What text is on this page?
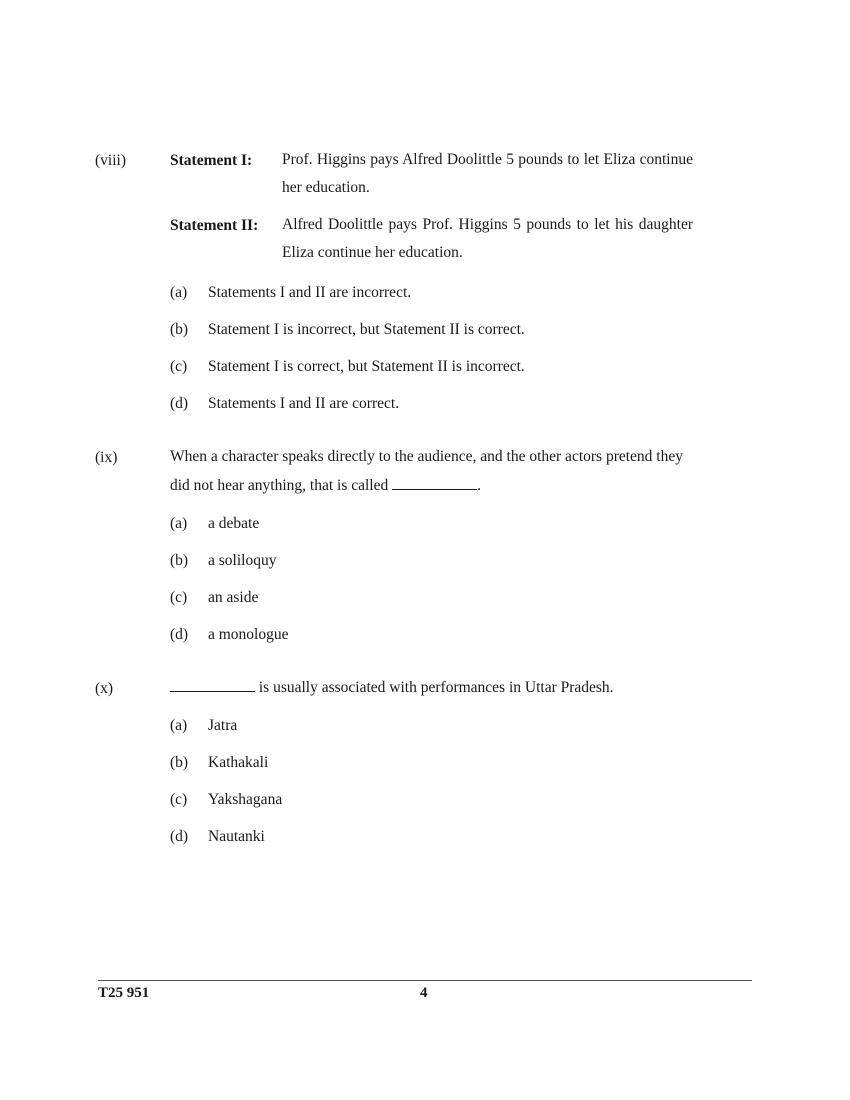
(viii)	Statement I: Prof. Higgins pays Alfred Doolittle 5 pounds to let Eliza continue her education.
Statement II: Alfred Doolittle pays Prof. Higgins 5 pounds to let his daughter Eliza continue her education.
(a) Statements I and II are incorrect.
(b) Statement I is incorrect, but Statement II is correct.
(c) Statement I is correct, but Statement II is incorrect.
(d) Statements I and II are correct.
(ix)	When a character speaks directly to the audience, and the other actors pretend they did not hear anything, that is called	.
(a) a debate
(b) a soliloquy
(c) an aside
(d) a monologue
(x)	is usually associated with performances in Uttar Pradesh.
(a) Jatra
(b) Kathakali
(c) Yakshagana
(d) Nautanki
T25 951	4
